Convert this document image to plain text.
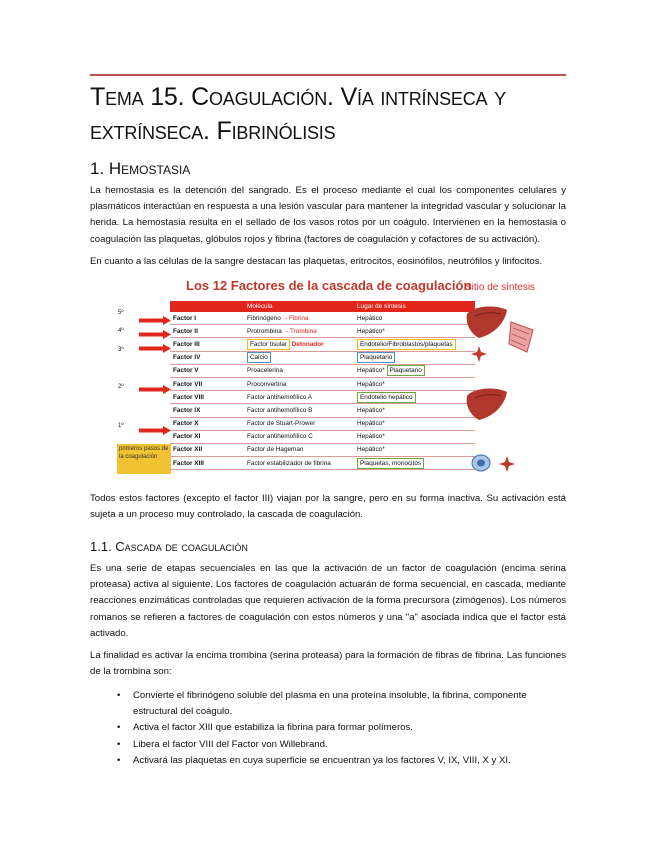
Tema 15. Coagulación. Vía intrínseca y extrínseca. Fibrinólisis
1. Hemostasia

La hemostasia es la detención del sangrado. Es el proceso mediante el cual los componentes celulares y plasmáticos interactúan en respuesta a una lesión vascular para mantener la integridad vascular y solucionar la herida. La hemostasia resulta en el sellado de los vasos rotos por un coágulo. Intervienen en la hemostasia o coagulación las plaquetas, glóbulos rojos y fibrina (factores de coagulación y cofactores de su activación).

En cuanto a las células de la sangre destacan las plaquetas, eritrocitos, eosinófilos, neutrófilos y linfocitos.

Los 12 Factores de la cascada de coagulación
Sitio de síntesis
5º
4º
3º
2º
1º
primeros pasos de la coagulación
	Molécula	Lugar de síntesis
Factor I	Fibrinógeno →Fibrina	Hepático
Factor II	Protrombina →Trombina	Hepático*
Factor III	Factor tisular Detonador	Endotelio/Fibroblastos/plaquetas
Factor IV	Calcio	Plaquetario
Factor V	Proacelerina	Hepático* Plaquetario
Factor VII	Proconvertina	Hepático*
Factor VIII	Factor antihemofílico A	Endotelio hepático
Factor IX	Factor antihemofílico B	Hepático*
Factor X	Factor de Stuart-Prower	Hepático*
Factor XI	Factor antihemofílico C	Hepático*
Factor XII	Factor de Hageman	Hepático*
Factor XIII	Factor estabilizador de fibrina	Plaquetas, monocitos

Todos estos factores (excepto el factor III) viajan por la sangre, pero en su forma inactiva. Su activación está sujeta a un proceso muy controlado, la cascada de coagulación.

1.1. Cascada de coagulación

Es una serie de etapas secuenciales en las que la activación de un factor de coagulación (encima serina proteasa) activa al siguiente. Los factores de coagulación actuarán de forma secuencial, en cascada, mediante reacciones enzimáticas controladas que requieren activación de la forma precursora (zimógenos). Los números romanos se refieren a factores de coagulación con estos números y una "a" asociada indica que el factor está activado.

La finalidad es activar la encima trombina (serina proteasa) para la formación de fibras de fibrina. Las funciones de la trombina son:

• Convierte el fibrinógeno soluble del plasma en una proteína insoluble, la fibrina, componente estructural del coágulo.
• Activa el factor XIII que estabiliza la fibrina para formar polímeros.
• Libera el factor VIII del Factor von Willebrand.
• Activará las plaquetas en cuya superficie se encuentran ya los factores V, IX, VIII, X y XI.
